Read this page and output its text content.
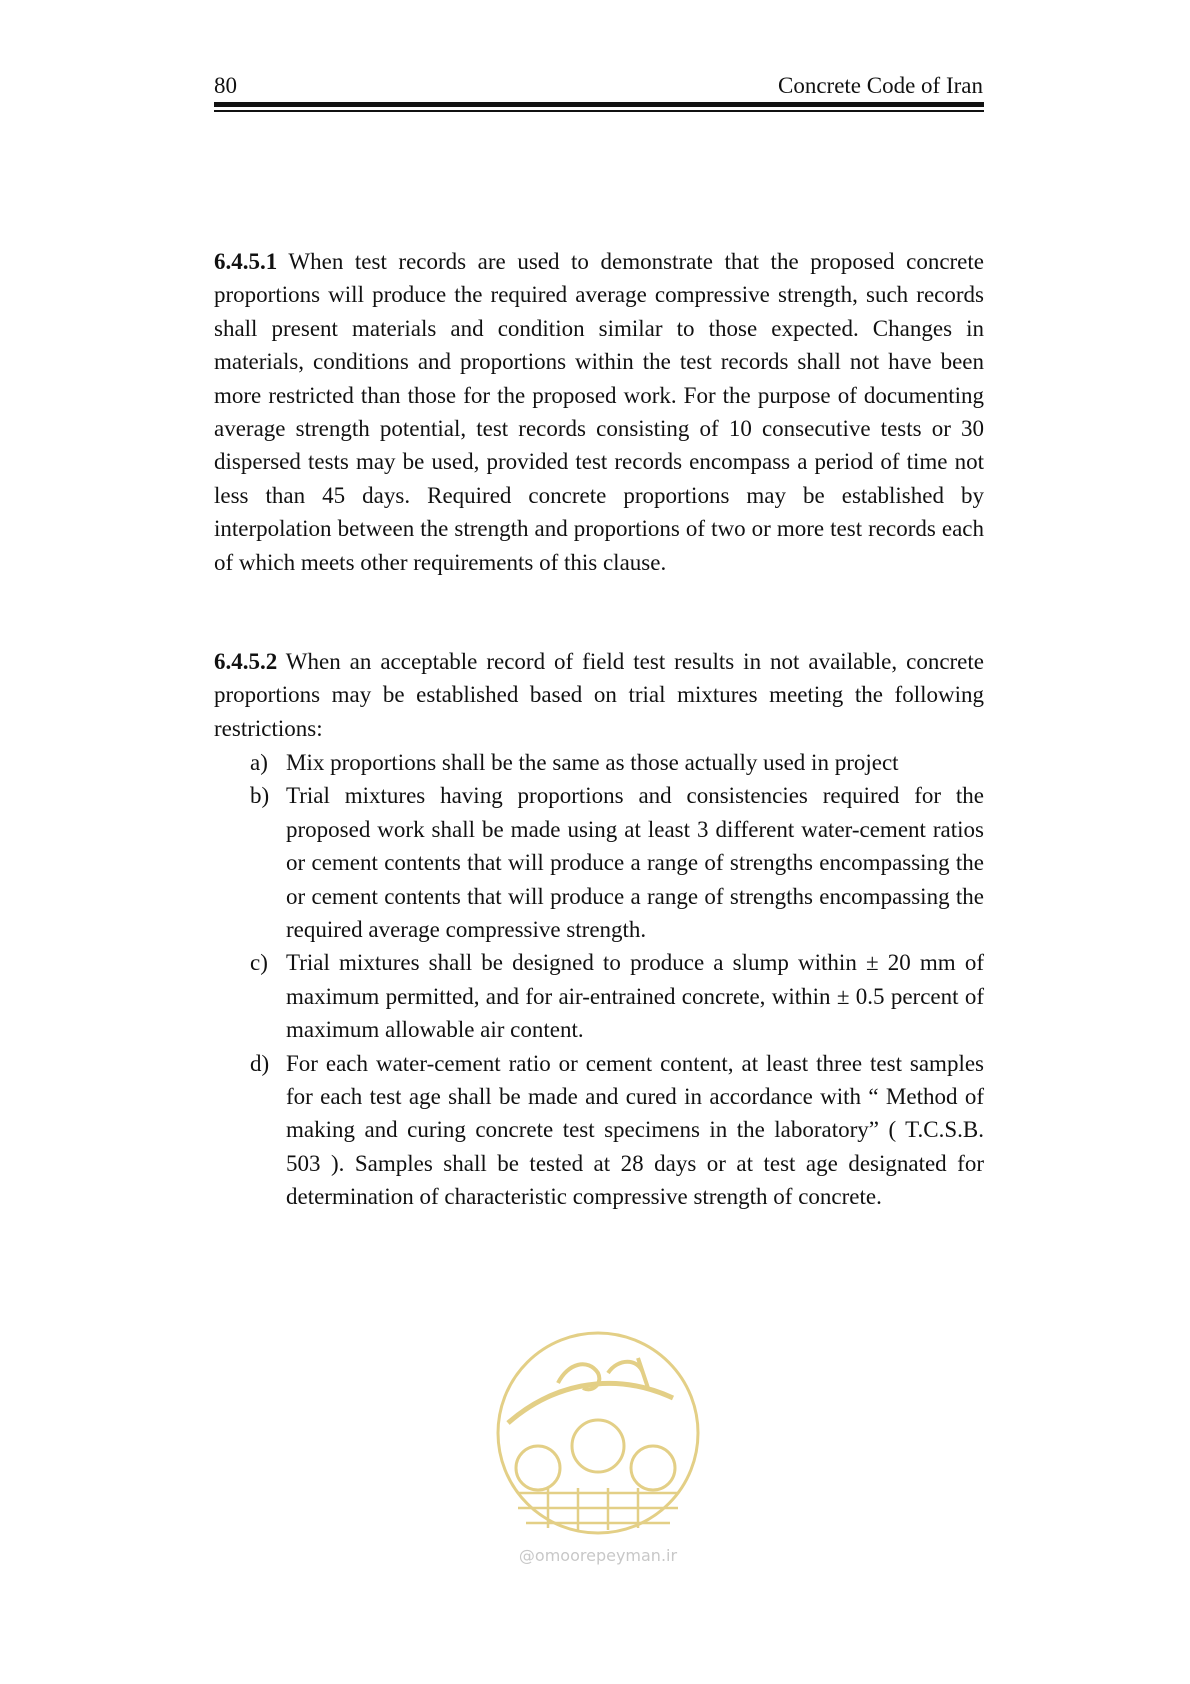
80	Concrete Code of Iran
6.4.5.1 When test records are used to demonstrate that the proposed concrete proportions will produce the required average compressive strength, such records shall present materials and condition similar to those expected. Changes in materials, conditions and proportions within the test records shall not have been more restricted than those for the proposed work. For the purpose of documenting average strength potential, test records consisting of 10 consecutive tests or 30 dispersed tests may be used, provided test records encompass a period of time not less than 45 days. Required concrete proportions may be established by interpolation between the strength and proportions of two or more test records each of which meets other requirements of this clause.
6.4.5.2 When an acceptable record of field test results in not available, concrete proportions may be established based on trial mixtures meeting the following restrictions:
a) Mix proportions shall be the same as those actually used in project
b) Trial mixtures having proportions and consistencies required for the proposed work shall be made using at least 3 different water-cement ratios or cement contents that will produce a range of strengths encompassing the or cement contents that will produce a range of strengths encompassing the required average compressive strength.
c) Trial mixtures shall be designed to produce a slump within ± 20 mm of maximum permitted, and for air-entrained concrete, within ± 0.5 percent of maximum allowable air content.
d) For each water-cement ratio or cement content, at least three test samples for each test age shall be made and cured in accordance with “ Method of making and curing concrete test specimens in the laboratory” ( T.C.S.B. 503 ). Samples shall be tested at 28 days or at test age designated for determination of characteristic compressive strength of concrete.
@omoorepeyman.ir
